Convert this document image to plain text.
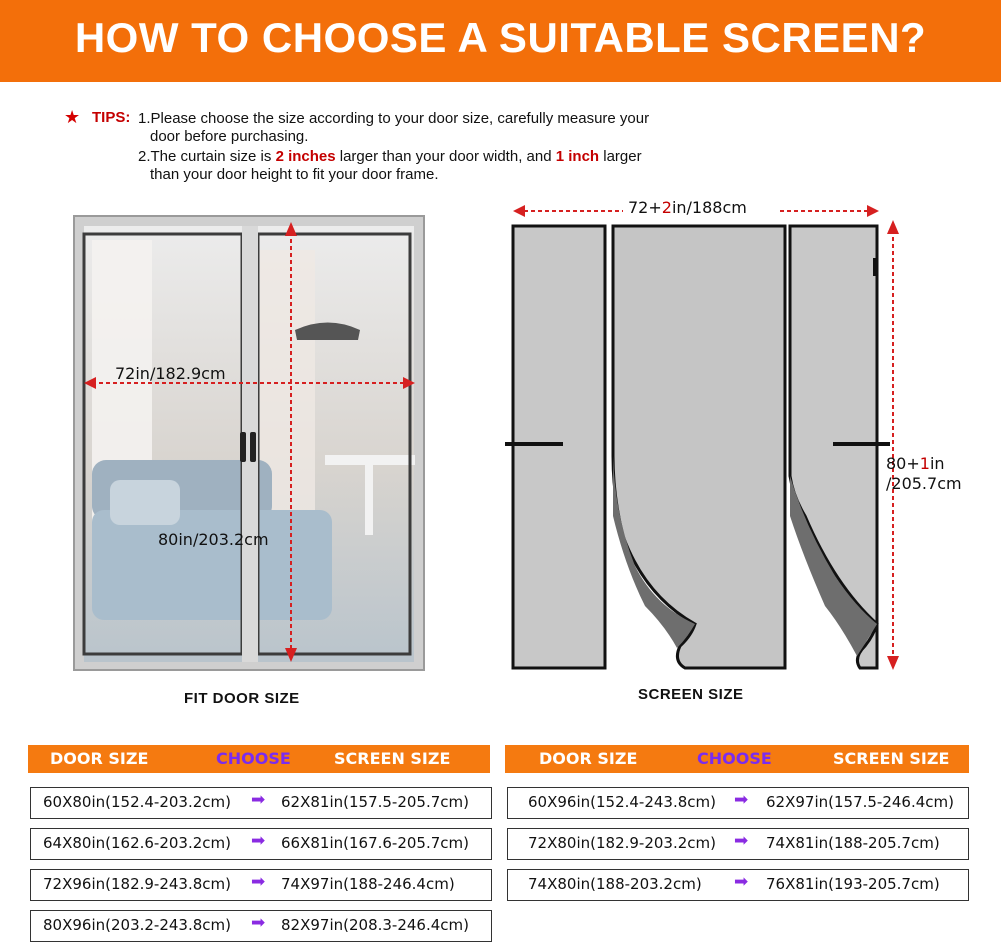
HOW TO CHOOSE A SUITABLE SCREEN?
★ TIPS: 1.Please choose the size according to your door size, carefully measure your
door before purchasing.
2.The curtain size is 2 inches larger than your door width, and 1 inch larger
than your door height to fit your door frame.
72in/182.9cm
80in/203.2cm
FIT DOOR SIZE
72+2in/188cm
80+1in
/205.7cm
SCREEN SIZE
DOOR SIZE	CHOOSE	SCREEN SIZE	DOOR SIZE	CHOOSE	SCREEN SIZE
60X80in(152.4-203.2cm) ➡ 62X81in(157.5-205.7cm)
64X80in(162.6-203.2cm) ➡ 66X81in(167.6-205.7cm)
72X96in(182.9-243.8cm) ➡ 74X97in(188-246.4cm)
80X96in(203.2-243.8cm) ➡ 82X97in(208.3-246.4cm)
60X96in(152.4-243.8cm) ➡ 62X97in(157.5-246.4cm)
72X80in(182.9-203.2cm) ➡ 74X81in(188-205.7cm)
74X80in(188-203.2cm) ➡ 76X81in(193-205.7cm)
